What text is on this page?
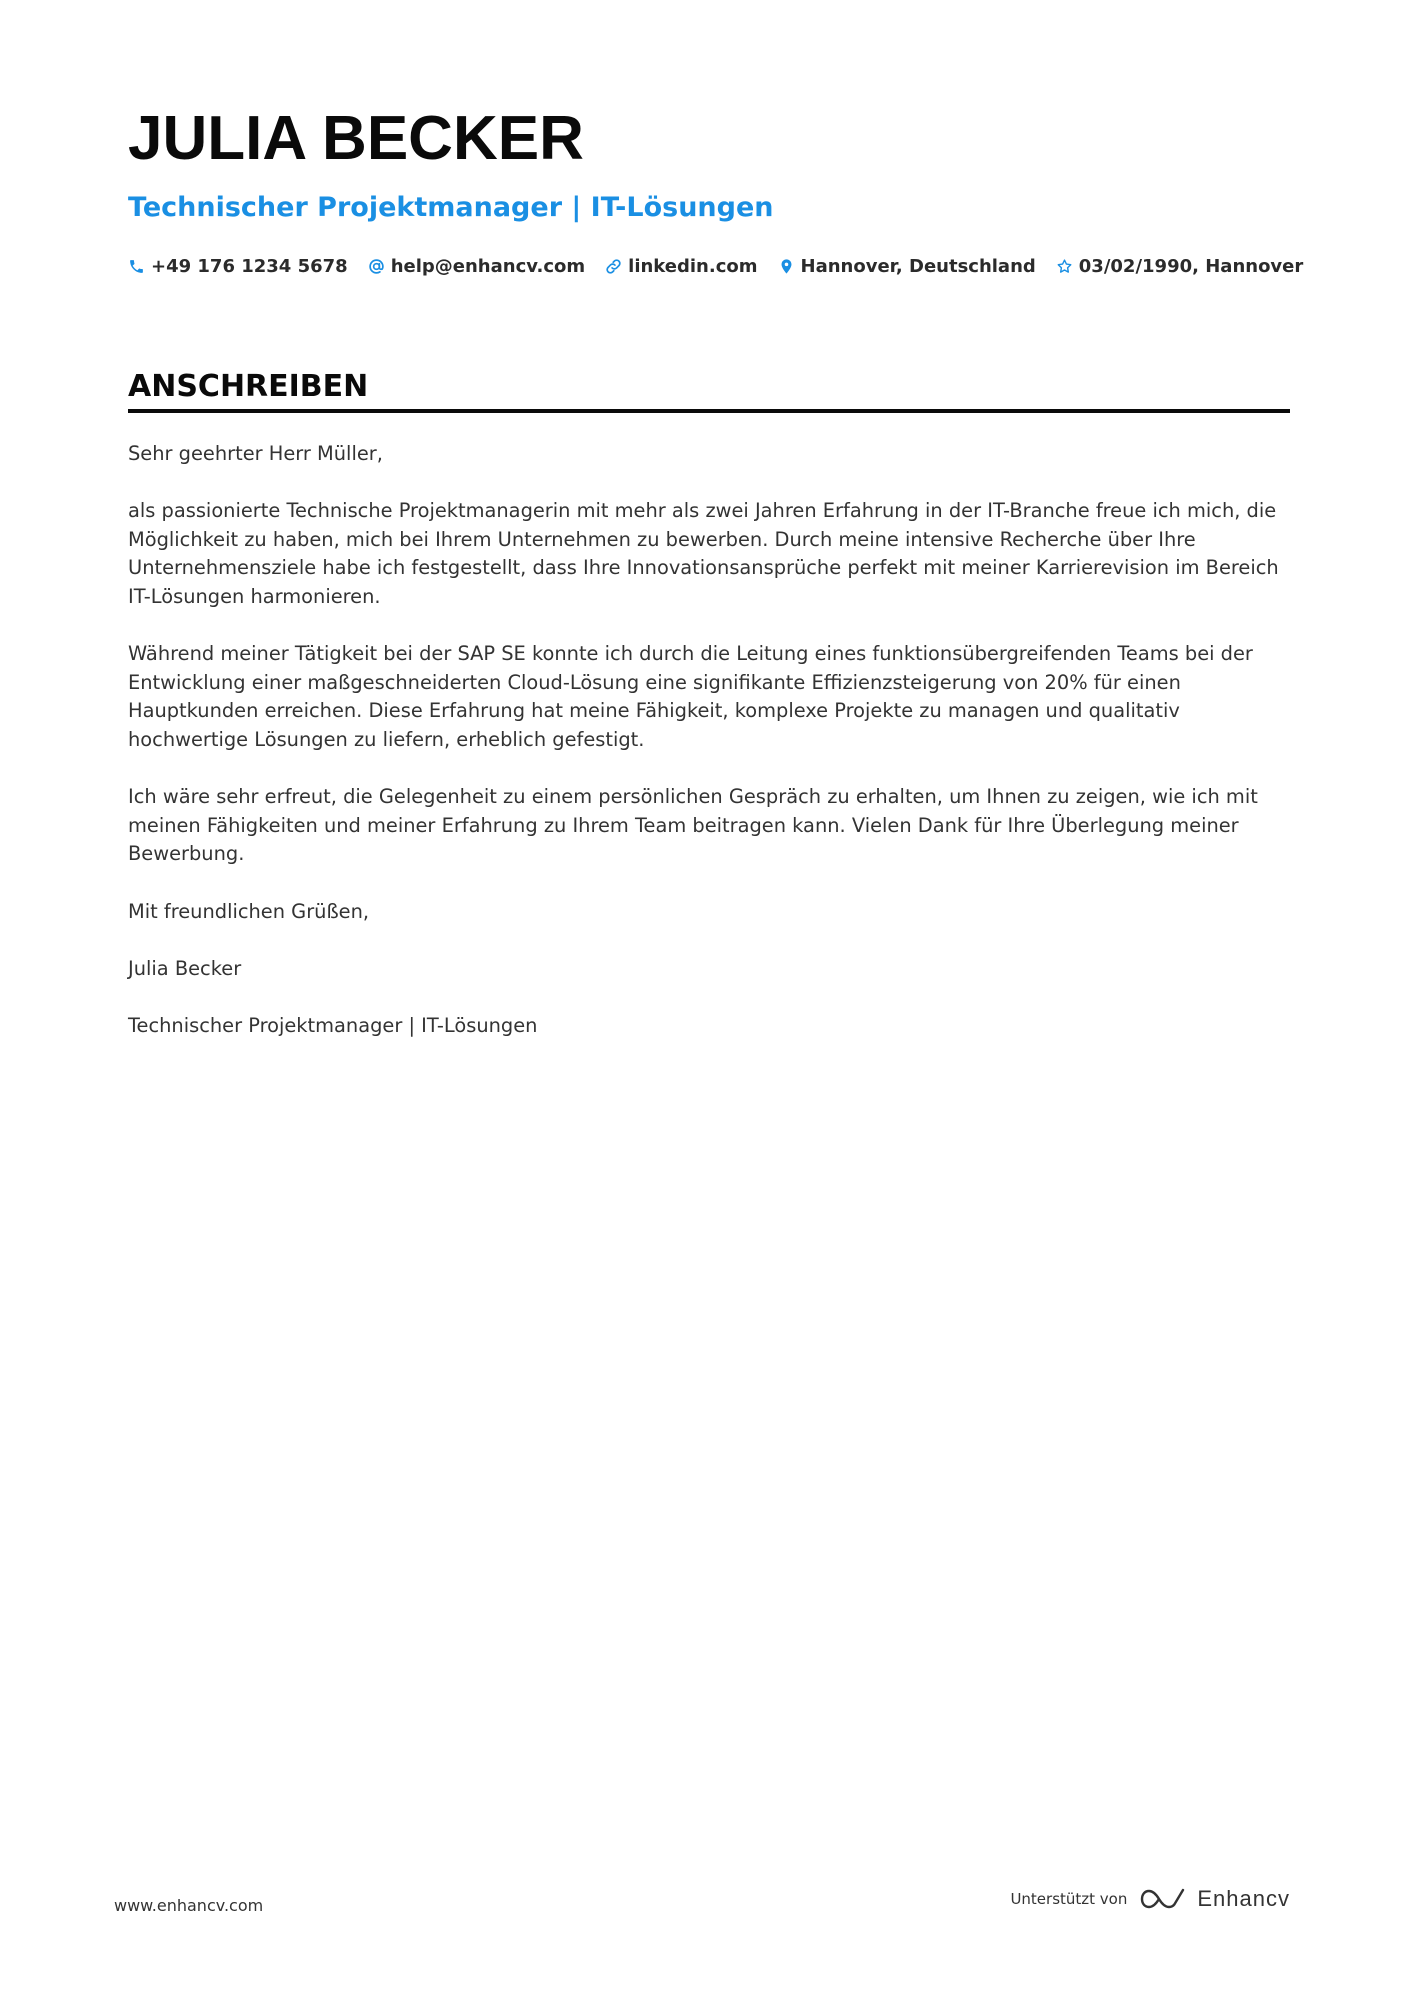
JULIA BECKER
Technischer Projektmanager | IT-Lösungen
+49 176 1234 5678 help@enhancv.com linkedin.com Hannover, Deutschland 03/02/1990, Hannover
ANSCHREIBEN

Sehr geehrter Herr Müller,

als passionierte Technische Projektmanagerin mit mehr als zwei Jahren Erfahrung in der IT-Branche freue ich mich, die Möglichkeit zu haben, mich bei Ihrem Unternehmen zu bewerben. Durch meine intensive Recherche über Ihre Unternehmensziele habe ich festgestellt, dass Ihre Innovationsansprüche perfekt mit meiner Karrierevision im Bereich IT-Lösungen harmonieren.

Während meiner Tätigkeit bei der SAP SE konnte ich durch die Leitung eines funktionsübergreifenden Teams bei der Entwicklung einer maßgeschneiderten Cloud-Lösung eine signifikante Effizienzsteigerung von 20% für einen Hauptkunden erreichen. Diese Erfahrung hat meine Fähigkeit, komplexe Projekte zu managen und qualitativ hochwertige Lösungen zu liefern, erheblich gefestigt.

Ich wäre sehr erfreut, die Gelegenheit zu einem persönlichen Gespräch zu erhalten, um Ihnen zu zeigen, wie ich mit meinen Fähigkeiten und meiner Erfahrung zu Ihrem Team beitragen kann. Vielen Dank für Ihre Überlegung meiner Bewerbung.

Mit freundlichen Grüßen,

Julia Becker

Technischer Projektmanager | IT-Lösungen

www.enhancv.com	Unterstützt von	Enhancv
